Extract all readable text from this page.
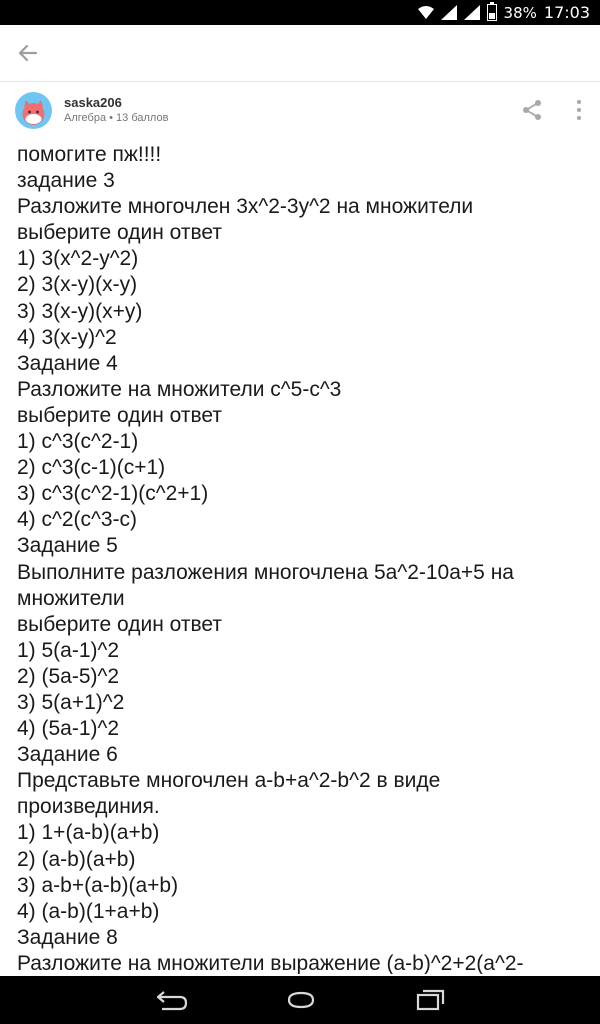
38% 17:03
saska206
Алгебра • 13 баллов
помогите пж!!!!
задание 3
Разложите многочлен 3x^2-3y^2 на множители
выберите один ответ
1) 3(x^2-y^2)
2) 3(x-y)(x-y)
3) 3(x-y)(x+y)
4) 3(x-y)^2
Задание 4
Разложите на множители c^5-c^3
выберите один ответ
1) c^3(c^2-1)
2) c^3(c-1)(c+1)
3) c^3(c^2-1)(c^2+1)
4) c^2(c^3-c)
Задание 5
Выполните разложения многочлена 5a^2-10a+5 на
множители
выберите один ответ
1) 5(a-1)^2
2) (5a-5)^2
3) 5(a+1)^2
4) (5a-1)^2
Задание 6
Представьте многочлен a-b+a^2-b^2 в виде
произвединия.
1) 1+(a-b)(a+b)
2) (a-b)(a+b)
3) a-b+(a-b)(a+b)
4) (a-b)(1+a+b)
Задание 8
Разложите на множители выражение (a-b)^2+2(a^2-
